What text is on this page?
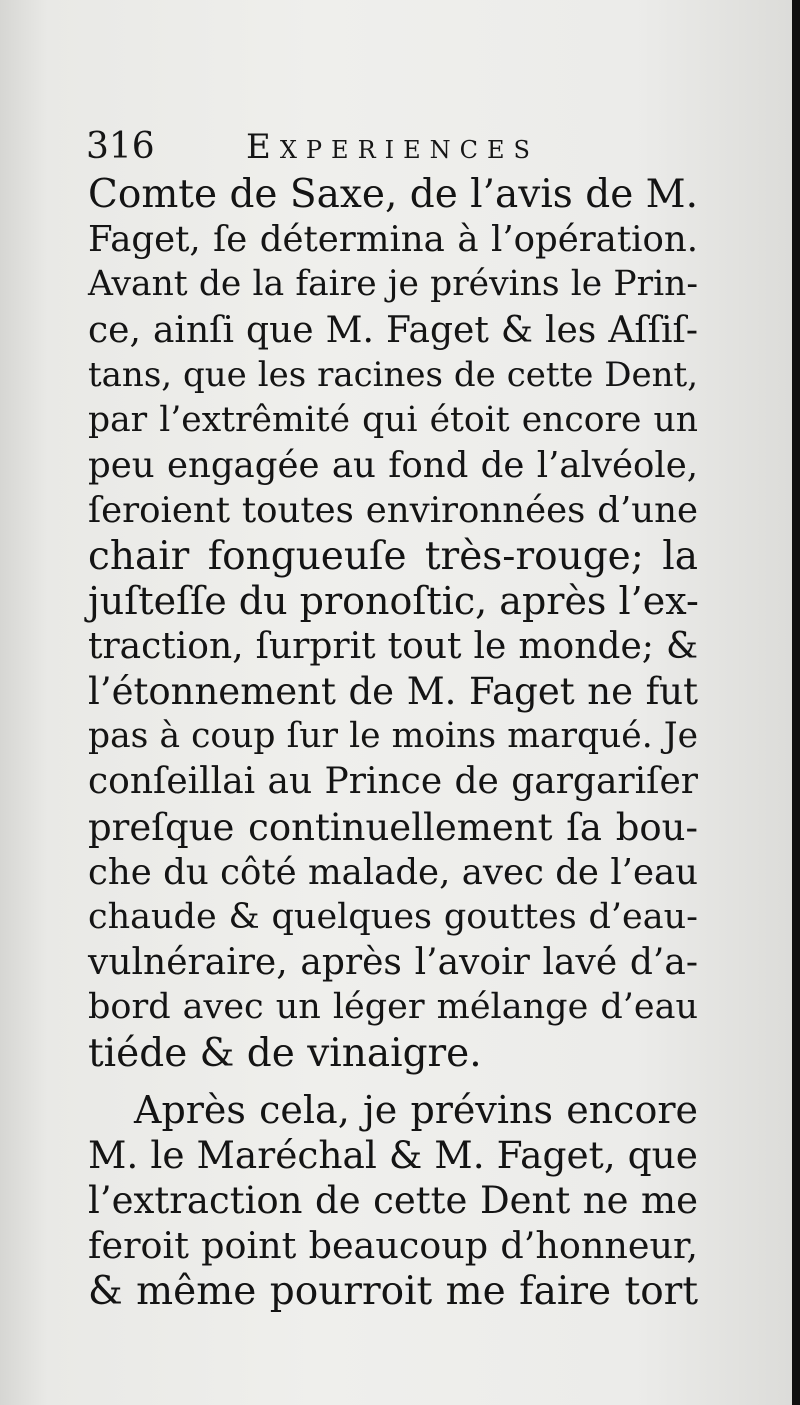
316	Experiences
Comte de Saxe, de l’avis de M.
Faget, ſe détermina à l’opération.
Avant de la faire je prévins le Prin-
ce, ainſi que M. Faget & les Aſſiſ-
tans, que les racines de cette Dent,
par l’extrêmité qui étoit encore un
peu engagée au fond de l’alvéole,
ſeroient toutes environnées d’une
chair fongueuſe très-rouge; la
juſteſſe du pronoſtic, après l’ex-
traction, ſurprit tout le monde; &
l’étonnement de M. Faget ne fut
pas à coup ſur le moins marqué. Je
conſeillai au Prince de gargariſer
preſque continuellement ſa bou-
che du côté malade, avec de l’eau
chaude & quelques gouttes d’eau-
vulnéraire, après l’avoir lavé d’a-
bord avec un léger mélange d’eau
tiéde & de vinaigre.
Après cela, je prévins encore
M. le Maréchal & M. Faget, que
l’extraction de cette Dent ne me
feroit point beaucoup d’honneur,
& même pourroit me faire tort
